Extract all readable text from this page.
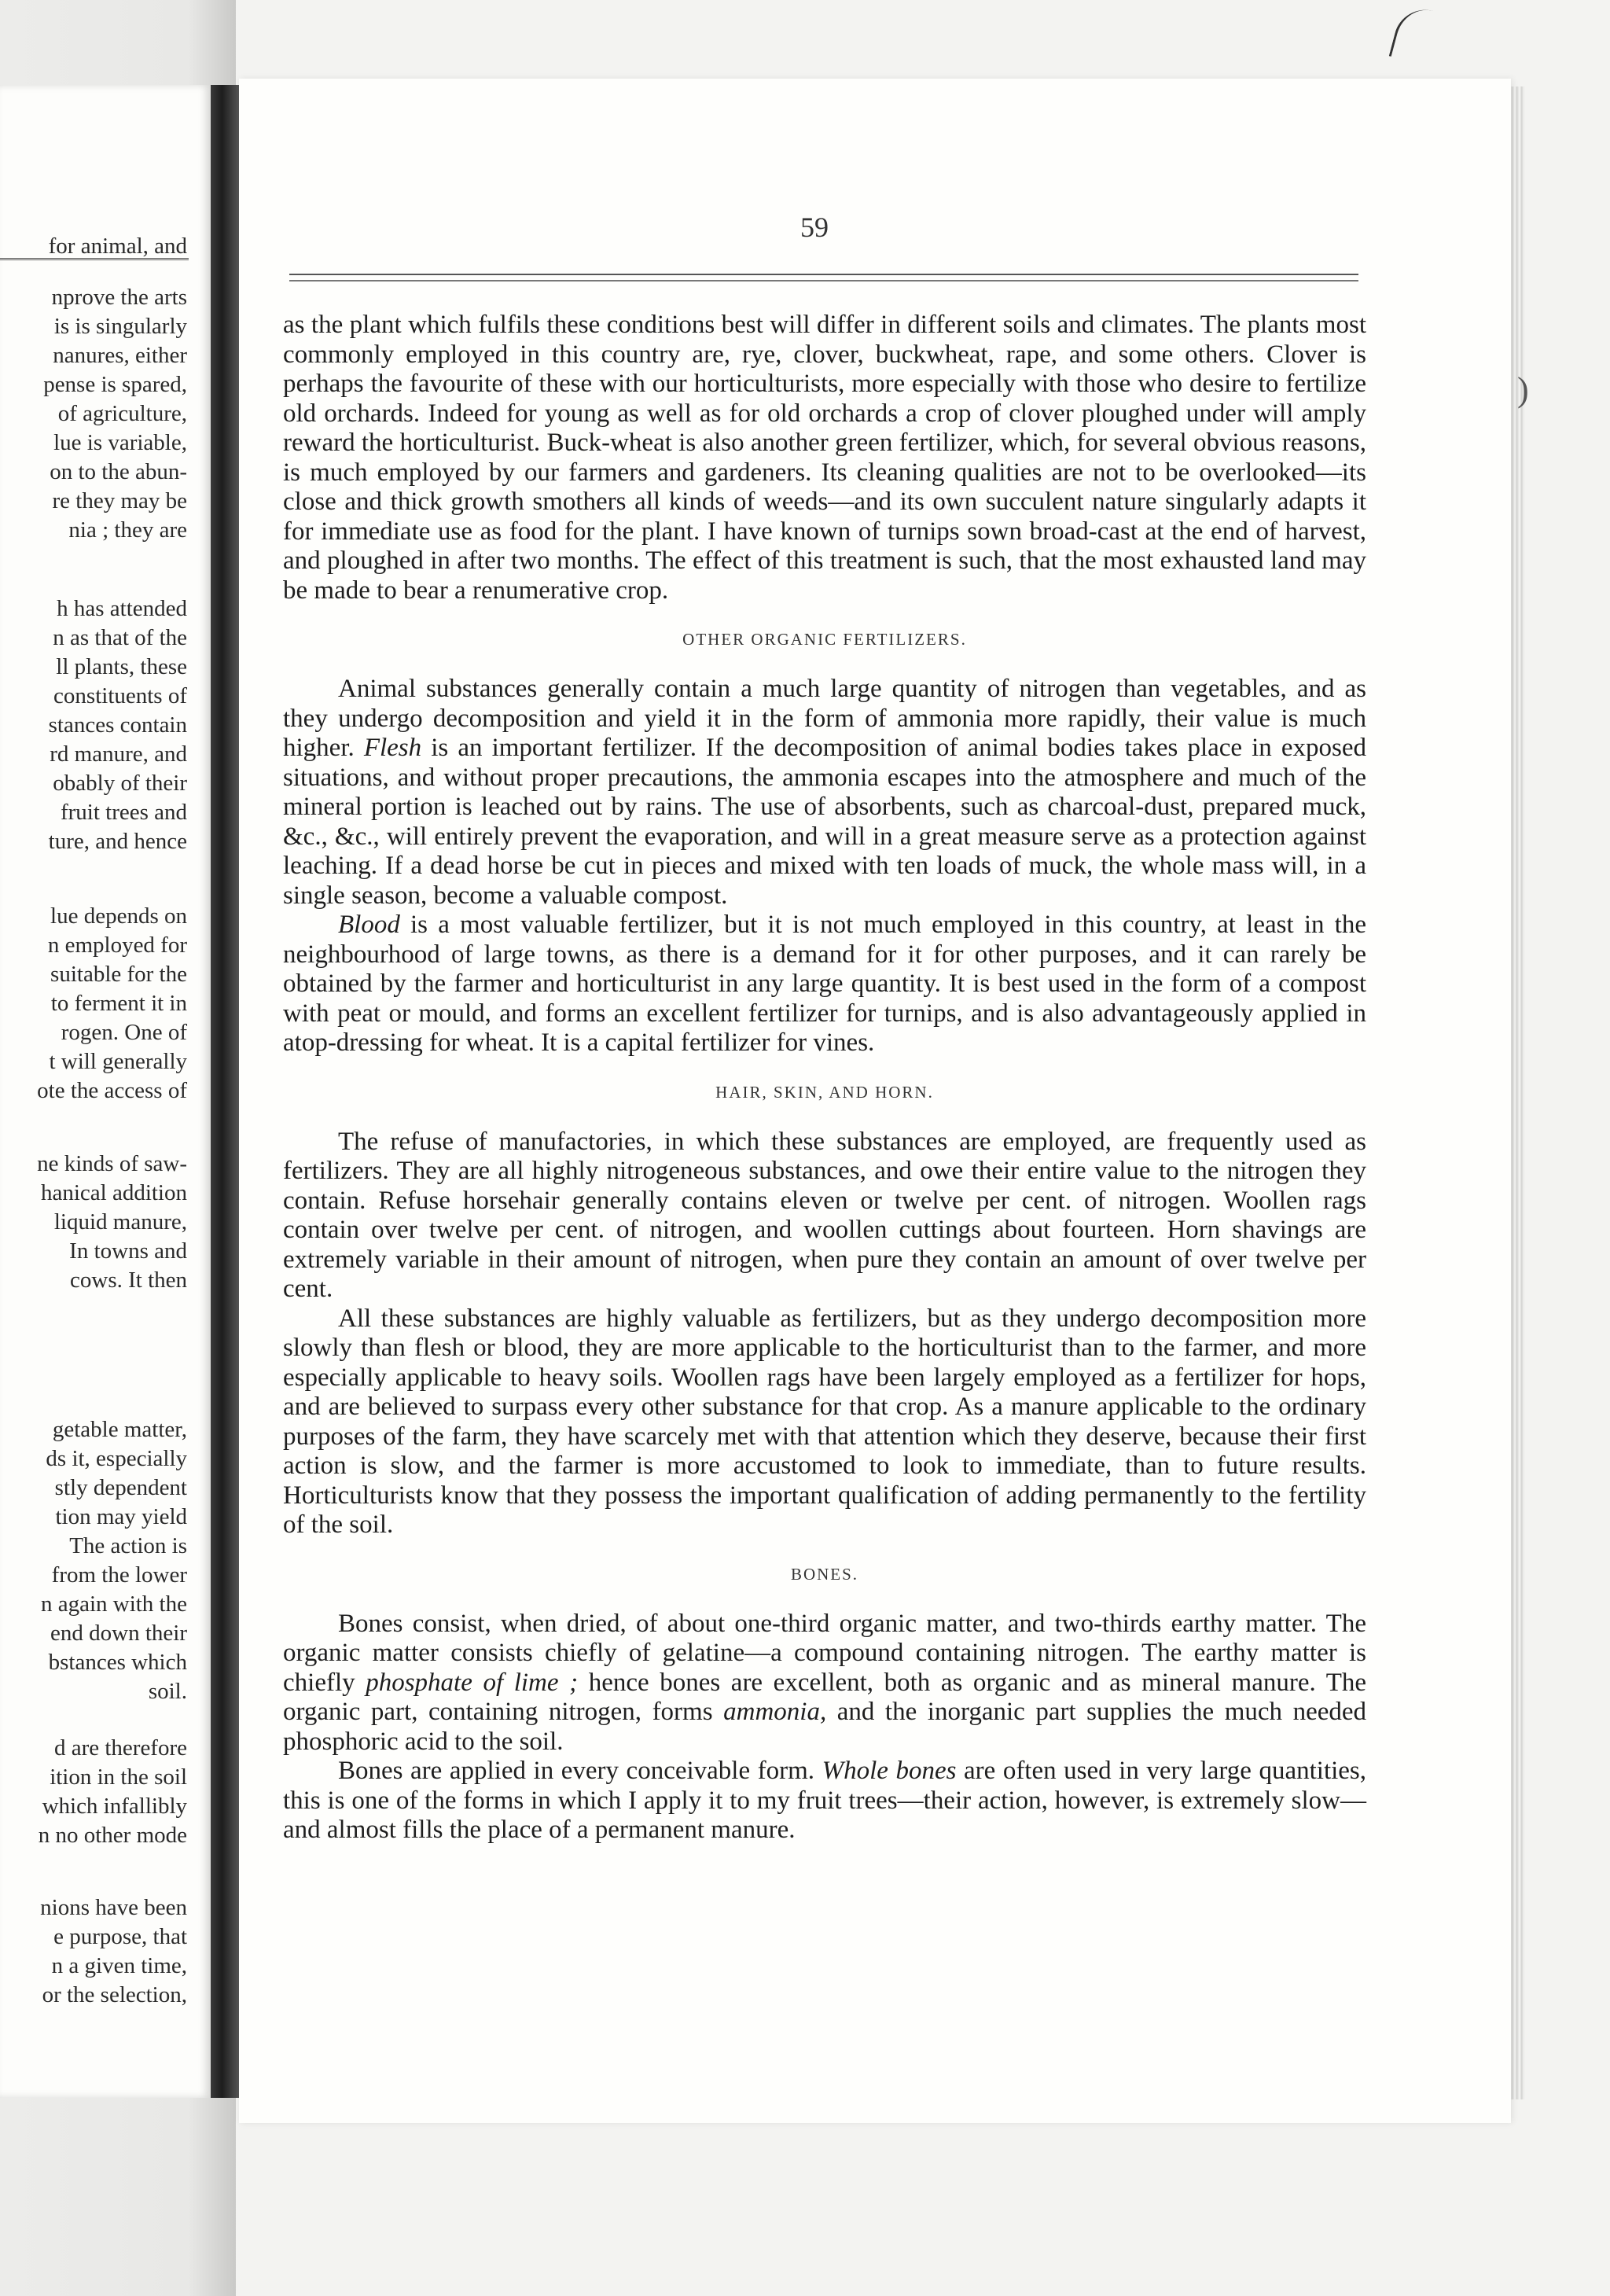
for animal, and
nprove the arts
is is singularly
nanures, either
pense is spared,
of agriculture,
lue is variable,
on to the abun-
re they may be
nia ; they are
h has attended
n as that of the
ll plants, these
constituents of
stances contain
rd manure, and
obably of their
fruit trees and
ture, and hence
lue depends on
n employed for
suitable for the
to ferment it in
rogen. One of
t will generally
ote the access of
ne kinds of saw-
hanical addition
liquid manure,
In towns and
cows. It then
getable matter,
ds it, especially
stly dependent
tion may yield
The action is
from the lower
n again with the
end down their
bstances which
soil.
d are therefore
ition in the soil
which infallibly
n no other mode
nions have been
e purpose, that
n a given time,
or the selection,
)
59

as the plant which fulfils these conditions best will differ in different soils and climates. The plants most commonly employed in this country are, rye, clover, buckwheat, rape, and some others. Clover is perhaps the favourite of these with our horticulturists, more especially with those who desire to fertilize old orchards. Indeed for young as well as for old orchards a crop of clover ploughed under will amply reward the horticulturist. Buck-wheat is also another green fertilizer, which, for several obvious reasons, is much employed by our farmers and gardeners. Its cleaning qualities are not to be overlooked—its close and thick growth smothers all kinds of weeds—and its own succulent nature singularly adapts it for immediate use as food for the plant. I have known of turnips sown broad-cast at the end of harvest, and ploughed in after two months. The effect of this treatment is such, that the most exhausted land may be made to bear a renumerative crop.

OTHER ORGANIC FERTILIZERS.

Animal substances generally contain a much large quantity of nitrogen than vegetables, and as they undergo decomposition and yield it in the form of ammonia more rapidly, their value is much higher. Flesh is an important fertilizer. If the decomposition of animal bodies takes place in exposed situations, and without proper precautions, the ammonia escapes into the atmosphere and much of the mineral portion is leached out by rains. The use of absorbents, such as charcoal-dust, prepared muck, &c., &c., will entirely prevent the evaporation, and will in a great measure serve as a protection against leaching. If a dead horse be cut in pieces and mixed with ten loads of muck, the whole mass will, in a single season, become a valuable compost.

Blood is a most valuable fertilizer, but it is not much employed in this country, at least in the neighbourhood of large towns, as there is a demand for it for other purposes, and it can rarely be obtained by the farmer and horticulturist in any large quantity. It is best used in the form of a compost with peat or mould, and forms an excellent fertilizer for turnips, and is also advantageously applied in atop-dressing for wheat. It is a capital fertilizer for vines.

HAIR, SKIN, AND HORN.

The refuse of manufactories, in which these substances are employed, are frequently used as fertilizers. They are all highly nitrogeneous substances, and owe their entire value to the nitrogen they contain. Refuse horsehair generally contains eleven or twelve per cent. of nitrogen. Woollen rags contain over twelve per cent. of nitrogen, and woollen cuttings about fourteen. Horn shavings are extremely variable in their amount of nitrogen, when pure they contain an amount of over twelve per cent.

All these substances are highly valuable as fertilizers, but as they undergo decomposition more slowly than flesh or blood, they are more applicable to the horticulturist than to the farmer, and more especially applicable to heavy soils. Woollen rags have been largely employed as a fertilizer for hops, and are believed to surpass every other substance for that crop. As a manure applicable to the ordinary purposes of the farm, they have scarcely met with that attention which they deserve, because their first action is slow, and the farmer is more accustomed to look to immediate, than to future results. Horticulturists know that they possess the important qualification of adding permanently to the fertility of the soil.

BONES.

Bones consist, when dried, of about one-third organic matter, and two-thirds earthy matter. The organic matter consists chiefly of gelatine—a compound containing nitrogen. The earthy matter is chiefly phosphate of lime ; hence bones are excellent, both as organic and as mineral manure. The organic part, containing nitrogen, forms ammonia, and the inorganic part supplies the much needed phosphoric acid to the soil.

Bones are applied in every conceivable form. Whole bones are often used in very large quantities, this is one of the forms in which I apply it to my fruit trees—their action, however, is extremely slow—and almost fills the place of a permanent manure.
